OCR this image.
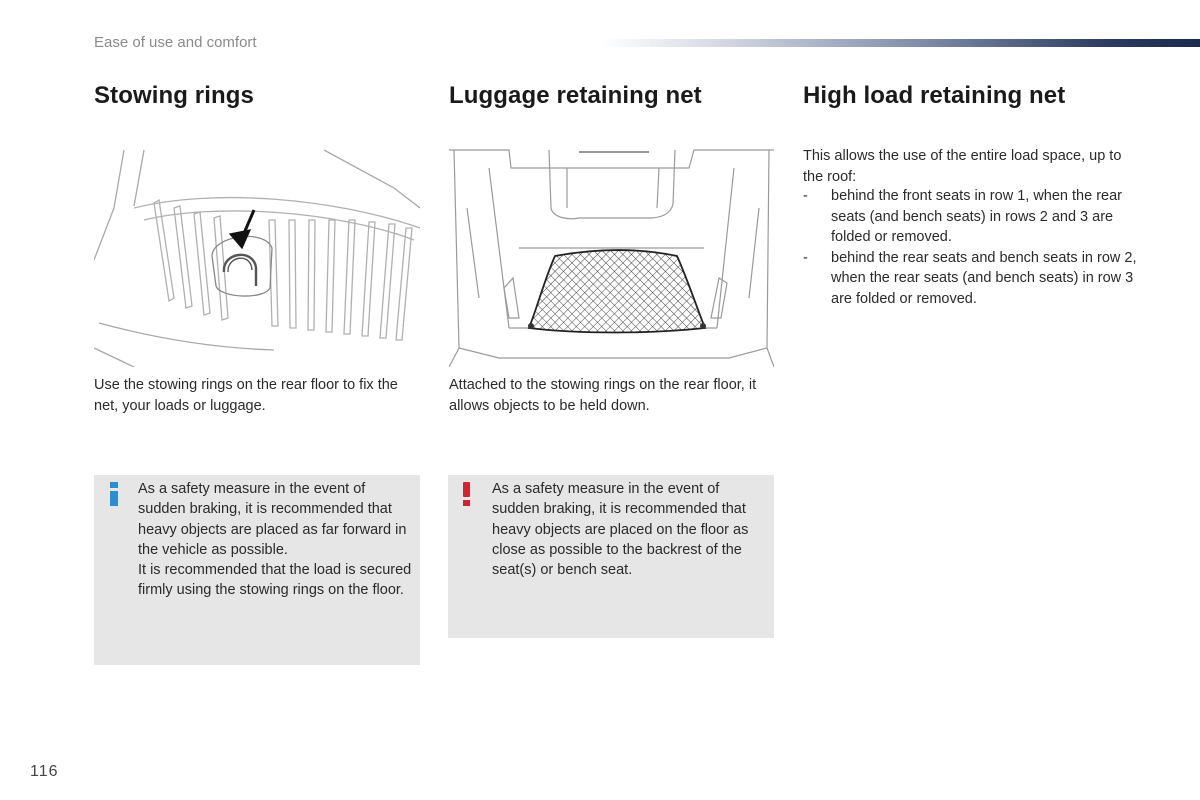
Ease of use and comfort
Stowing rings	Luggage retaining net	High load retaining net
Use the stowing rings on the rear floor to fix the net, your loads or luggage.
Attached to the stowing rings on the rear floor, it allows objects to be held down.
This allows the use of the entire load space, up to the roof:
- behind the front seats in row 1, when the rear seats (and bench seats) in rows 2 and 3 are folded or removed.
- behind the rear seats and bench seats in row 2, when the rear seats (and bench seats) in row 3 are folded or removed.
As a safety measure in the event of sudden braking, it is recommended that heavy objects are placed as far forward in the vehicle as possible.
It is recommended that the load is secured firmly using the stowing rings on the floor.
As a safety measure in the event of sudden braking, it is recommended that heavy objects are placed on the floor as close as possible to the backrest of the seat(s) or bench seat.
116
